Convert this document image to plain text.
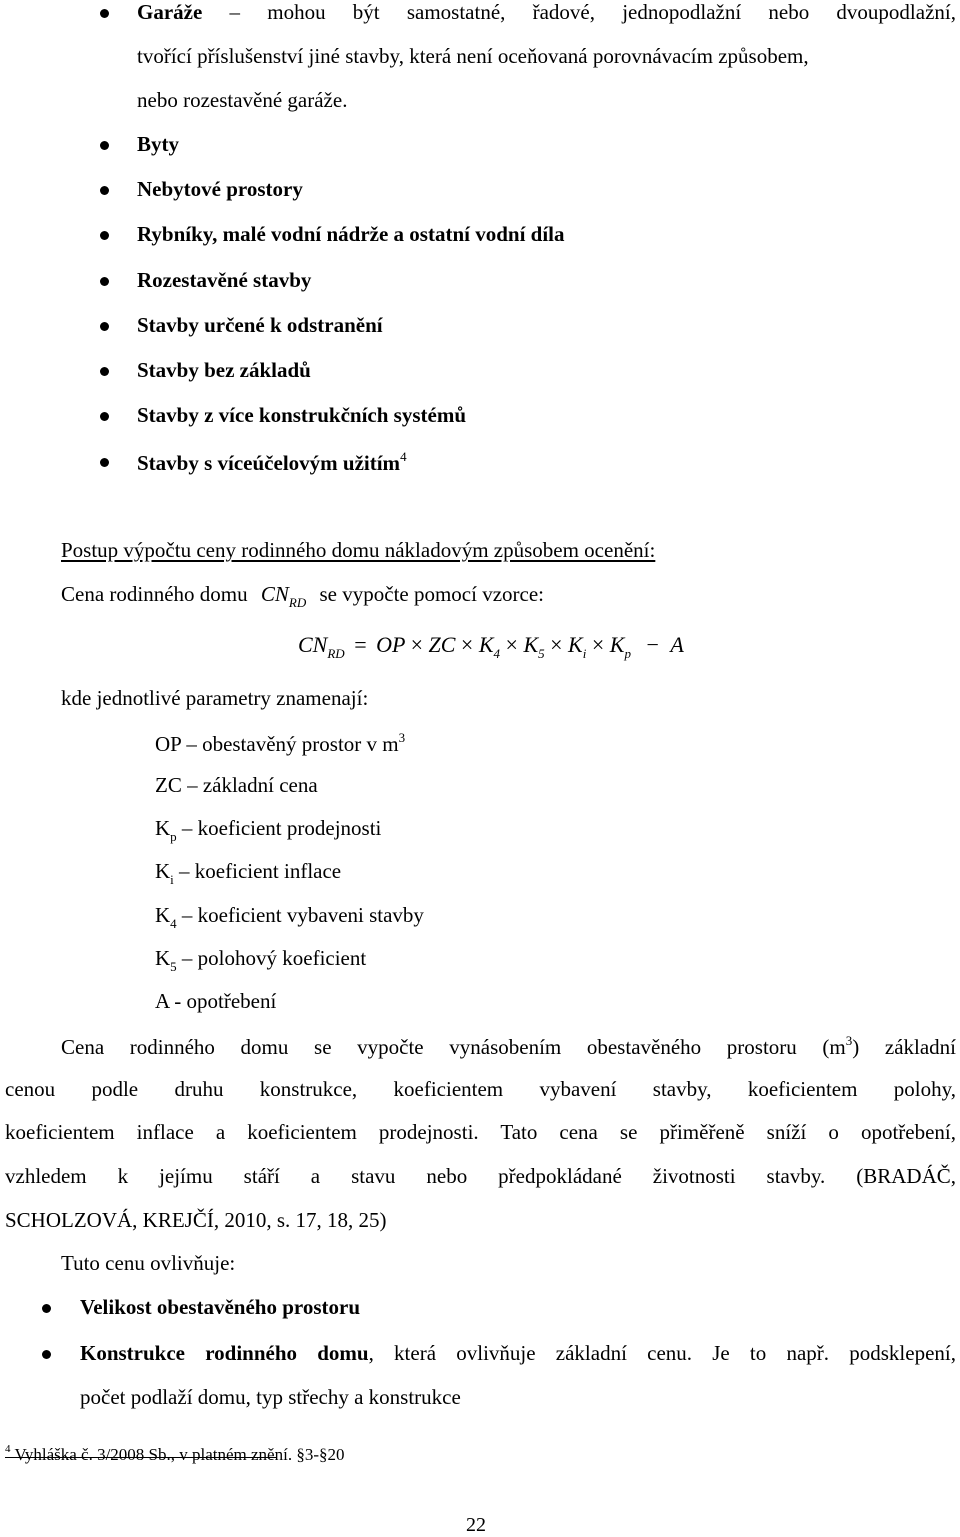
Garáže – mohou být samostatné, řadové, jednopodlažní nebo dvoupodlažní,
tvořící příslušenství jiné stavby, která není oceňovaná porovnávacím způsobem,
nebo rozestavěné garáže.
Byty
Nebytové prostory
Rybníky, malé vodní nádrže a ostatní vodní díla
Rozestavěné stavby
Stavby určené k odstranění
Stavby bez základů
Stavby z více konstrukčních systémů
Stavby s víceúčelovým užitím$^4$
Postup výpočtu ceny rodinného domu nákladovým způsobem ocenění:
Cena rodinného domu $CN_{RD}$ se vypočte pomocí vzorce:
$CN_{RD}$ = OP × ZC × $K_4 \times K_5 \times K_i \times K_p - A$
kde jednotlivé parametry znamenají:
OP – obestavěný prostor v $m^3$
ZC – základní cena
$K_p$ – koeficient prodejnosti
$K_i$ – koeficient inflace
$K_4$ – koeficient vybaveni stavby
$K_5$ – polohový koeficient
A - opotřebení
Cena rodinného domu se vypočte vynásobením obestavěného prostoru $(m^3)$ základní
cenou podle druhu konstrukce, koeficientem vybavení stavby, koeficientem polohy,
koeficientem inflace a koeficientem prodejnosti. Tato cena se přiměřeně sníží o opotřebení,
vzhledem k jejímu stáří a stavu nebo předpokládané životnosti stavby. (BRADÁČ,
SCHOLZOVÁ, KREJČÍ, 2010, s. 17, 18, 25)
Tuto cenu ovlivňuje:
Velikost obestavěného prostoru
Konstrukce rodinného domu, která ovlivňuje základní cenu. Je to např. podsklepení,
počet podlaží domu, typ střechy a konstrukce
$^4$ Vyhláška č. 3/2008 Sb., v platném znění. §3-§20
22
